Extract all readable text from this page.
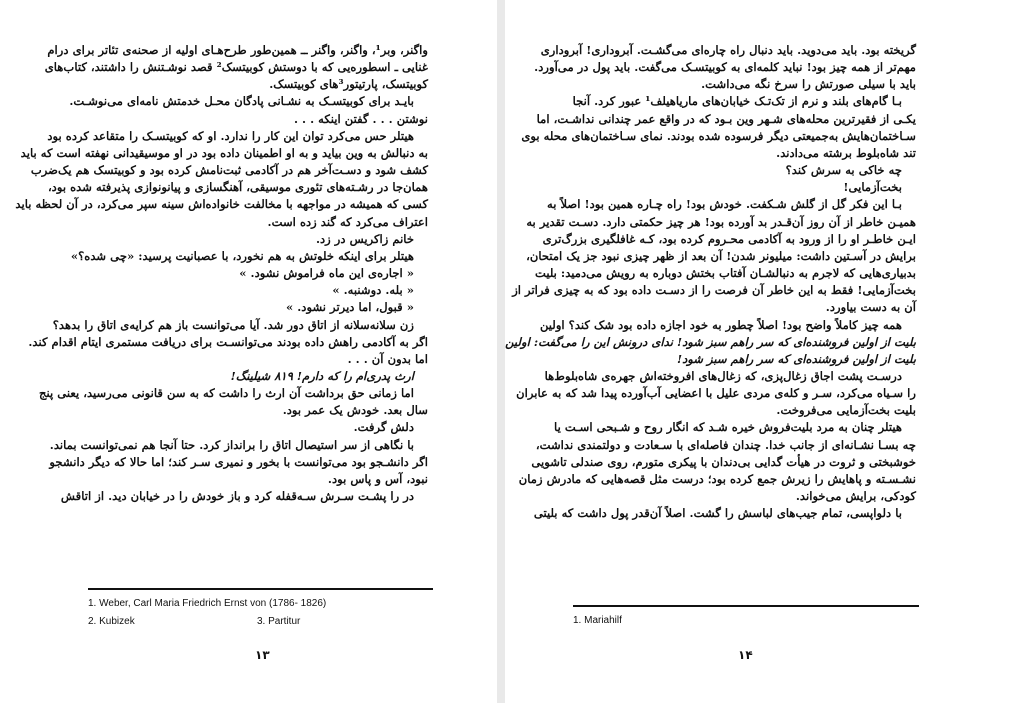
واگنر، وبر¹، واگنر، واگنر ــ همین‌طور طرح‌هـای اولیه از صحنه‌ی تئاتر برای درام
غنایی ـ اسطوره‌یی که با دوستش کوبیتسک² قصد نوشـتنش را داشتند، کتاب‌های
کوبیتسک، پارتیتور³های کوبیتسک.
بایـد برای کوبیتسـک به نشـانی پادگان محـل خدمتش نامه‌ای می‌نوشـت.
نوشتن . . . گفتن اینکه . . .
هیتلر حس می‌کرد توان این کار را ندارد. او که کوبیتسـک را متقاعد کرده بود
به دنبالش به وین بیاید و به او اطمینان داده بود در او موسیقیدانی نهفته است که باید
کشف شود و دسـت‌آخر هم در آکادمی ثبت‌نامش کرده بود و کوبیتسک هم یک‌ضرب
همان‌جا در رشـته‌های تئوری موسیقی، آهنگسازی و پیانونوازی پذیرفته شده بود،
کسی که همیشه در مواجهه با مخالفت خانواده‌اش سینه سپر می‌کرد، در آن لحظه باید
اعتراف می‌کرد که گند زده است.
خانم زاکریس در زد.
هیتلر برای اینکه خلوتش به هم نخورد، با عصبانیت پرسید: «چی شده؟»
« اجاره‌ی این ماه فراموش نشود. »
« بله. دوشنبه. »
« قبول، اما دیرتر نشود. »
زن سلانه‌سلانه از اتاق دور شد. آیا می‌توانست باز هم کرایه‌ی اتاق را بدهد؟
اگر به آکادمی راهش داده بودند می‌توانسـت برای دریافت مستمری ایتام اقدام کند.
اما بدون آن . . .
ارث پدری‌ام را که دارم! ۸۱۹ شیلینگ!
اما زمانی حق برداشت آن ارث را داشت که به سن قانونی می‌رسید، یعنی پنج
سال بعد. خودش یک عمر بود.
دلش گرفت.
با نگاهی از سر استیصال اتاق را برانداز کرد. حتا آنجا هم نمی‌توانست بماند.
اگر دانشـجو بود می‌توانست با بخور و نمیری سـر کند؛ اما حالا که دیگر دانشجو
نبود، آس و پاس بود.
در را پشـت سـرش سـه‌قفله کرد و باز خودش را در خیابان دید. از اتاقش
1. Weber, Carl Maria Friedrich Ernst von (1786- 1826)
2. Kubizek	3. Partitur
۱۳
گریخته بود. باید می‌دوید. باید دنبال راه چاره‌ای می‌گشـت. آبرو‌داری! آبروداری
مهم‌تر از همه چیز بود! نباید کلمه‌ای به کوبیتسـک می‌گفت. باید پول در می‌آورد.
باید با سیلی صورتش را سرخ نگه می‌داشت.
بـا گام‌های بلند و نرم از تک‌تـک خیابان‌های ماریاهیلف¹ عبور کرد. آنجا
یکـی از فقیرترین محله‌های شـهر وین بـود که در واقع عمر چندانی نداشـت، اما
سـاختمان‌هایش به‌جمیعتی دیگر فرسوده شده بودند. نمای سـاختمان‌های محله بوی
تند شاه‌بلوط برشته می‌دادند.
چه خاکی به سرش کند؟
بخت‌آزمایی!
بـا این فکر گل از گلش شـکفت. خودش بود! راه چـاره همین بود! اصلاً به
همیـن خاطر از آن روز آن‌قـدر بد آورده بود! هر چیز حکمتی دارد. دسـت تقدیر به
ایـن خاطـر او را از ورود به آکادمی محـروم کرده بود، کـه غافلگیری بزرگ‌تری
برایش در آسـتین داشت: میلیونر شدن! آن بعد از ظهر چیزی نبود جز یک امتحان،
بدبیاری‌هایی که لاجرم به دنبالشـان آفتاب بختش دوباره به رویش می‌دمید: بلیت
بخت‌آزمایی! فقط به این خاطر آن فرصت را از دسـت داده بود که به چیزی فراتر از
آن به دست بیاورد.
همه چیز کاملاً واضح بود! اصلاً چطور به خود اجازه داده بود شک کند؟ اولین
بلیت از اولین فروشنده‌ای که سر راهم سبز شود! ندای درونش این را می‌گفت: اولین
بلیت از اولین فروشنده‌ای که سر راهم سبز شود!
درسـت پشت اجاق زغال‌پزی، که زغال‌های افروخته‌اش جهره‌ی شاه‌بلوط‌ها
را سـیاه می‌کرد، سـر و کله‌ی مردی علیل با اعضایی آب‌آورده پیدا شد که به عابران
بلیت بخت‌آزمایی می‌فروخت.
هیتلر چنان به مرد بلیت‌فروش خیره شـد که انگار روح و شـبحی اسـت یا
چه بسـا نشـانه‌ای از جانب خدا. چندان فاصله‌ای با سـعادت و دولتمندی نداشت،
خوشبختی و ثروت در هیأت گدایی بی‌دندان با پیکری متورم، روی صندلی تاشویی
نشـسـته و پاهایش را زیرش جمع کرده بود؛ درست مثل قصه‌هایی که مادرش زمان
کودکی، برایش می‌خواند.
با دلواپسی، تمام جیب‌های لباسش را گشت. اصلاً آن‌قدر پول داشت که بلیتی
1. Mariahilf
۱۴
